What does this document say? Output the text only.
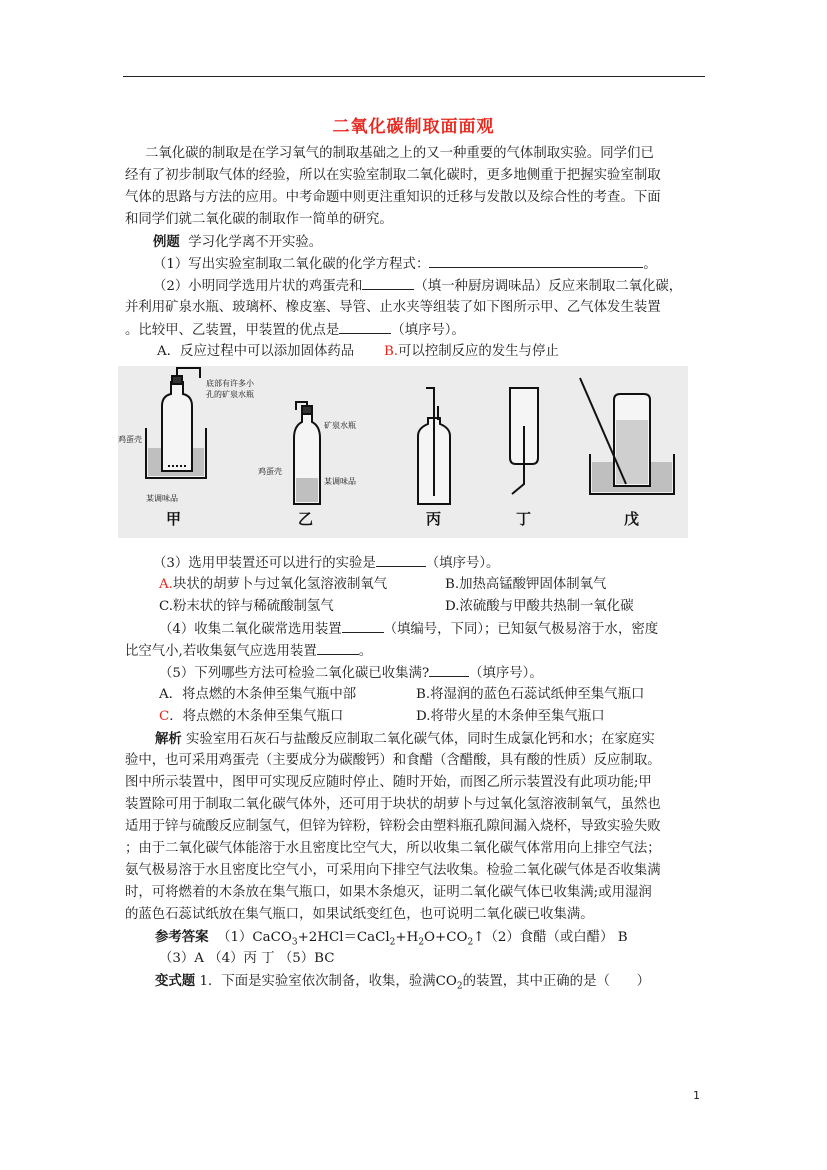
二氧化碳制取面面观
二氧化碳的制取是在学习氧气的制取基础之上的又一种重要的气体制取实验。同学们已
经有了初步制取气体的经验，所以在实验室制取二氧化碳时，更多地侧重于把握实验室制取
气体的思路与方法的应用。中考命题中则更注重知识的迁移与发散以及综合性的考查。下面
和同学们就二氧化碳的制取作一简单的研究。
例题 学习化学离不开实验。
（1）写出实验室制取二氧化碳的化学方程式：	。
（2）小明同学选用片状的鸡蛋壳和	（填一种厨房调味品）反应来制取二氧化碳，
并利用矿泉水瓶、玻璃杯、橡皮塞、导管、止水夹等组装了如下图所示甲、乙气体发生装置
。比较甲、乙装置，甲装置的优点是	（填序号）。
A．反应过程中可以添加固体药品 B.可以控制反应的发生与停止
底部有许多小
孔的矿泉水瓶
鸡蛋壳
某调味品
甲
矿泉水瓶
鸡蛋壳
某调味品
乙	丙	丁	戊
（3）选用甲装置还可以进行的实验是	（填序号）。
A.块状的胡萝卜与过氧化氢溶液制氧气	B.加热高锰酸钾固体制氧气
C.粉末状的锌与稀硫酸制氢气	D.浓硫酸与甲酸共热制一氧化碳
（4）收集二氧化碳常选用装置	（填编号，下同）；已知氨气极易溶于水，密度
比空气小,若收集氨气应选用装置	。
（5）下列哪些方法可检验二氧化碳已收集满?	（填序号）。
A．将点燃的木条伸至集气瓶中部	B.将湿润的蓝色石蕊试纸伸至集气瓶口
C．将点燃的木条伸至集气瓶口	D.将带火星的木条伸至集气瓶口
解析 实验室用石灰石与盐酸反应制取二氧化碳气体，同时生成氯化钙和水；在家庭实
验中，也可采用鸡蛋壳（主要成分为碳酸钙）和食醋（含醋酸，具有酸的性质）反应制取。
图中所示装置中，图甲可实现反应随时停止、随时开始，而图乙所示装置没有此项功能;甲
装置除可用于制取二氧化碳气体外，还可用于块状的胡萝卜与过氧化氢溶液制氧气，虽然也
适用于锌与硫酸反应制氢气，但锌为锌粉，锌粉会由塑料瓶孔隙间漏入烧杯，导致实验失败
；由于二氧化碳气体能溶于水且密度比空气大，所以收集二氧化碳气体常用向上排空气法；
氨气极易溶于水且密度比空气小，可采用向下排空气法收集。检验二氧化碳气体是否收集满
时，可将燃着的木条放在集气瓶口，如果木条熄灭，证明二氧化碳气体已收集满;或用湿润
的蓝色石蕊试纸放在集气瓶口，如果试纸变红色，也可说明二氧化碳已收集满。
参考答案 $(1)CaCO_3+2HCl=CaCl_2+H_2O+CO_2↑(2)$食醋（或白醋） B
（3）A （4）丙 丁 （5）BC
变式题 1．下面是实验室依次制备，收集，验满$CO_2$的装置，其中正确的是（　　）
1
